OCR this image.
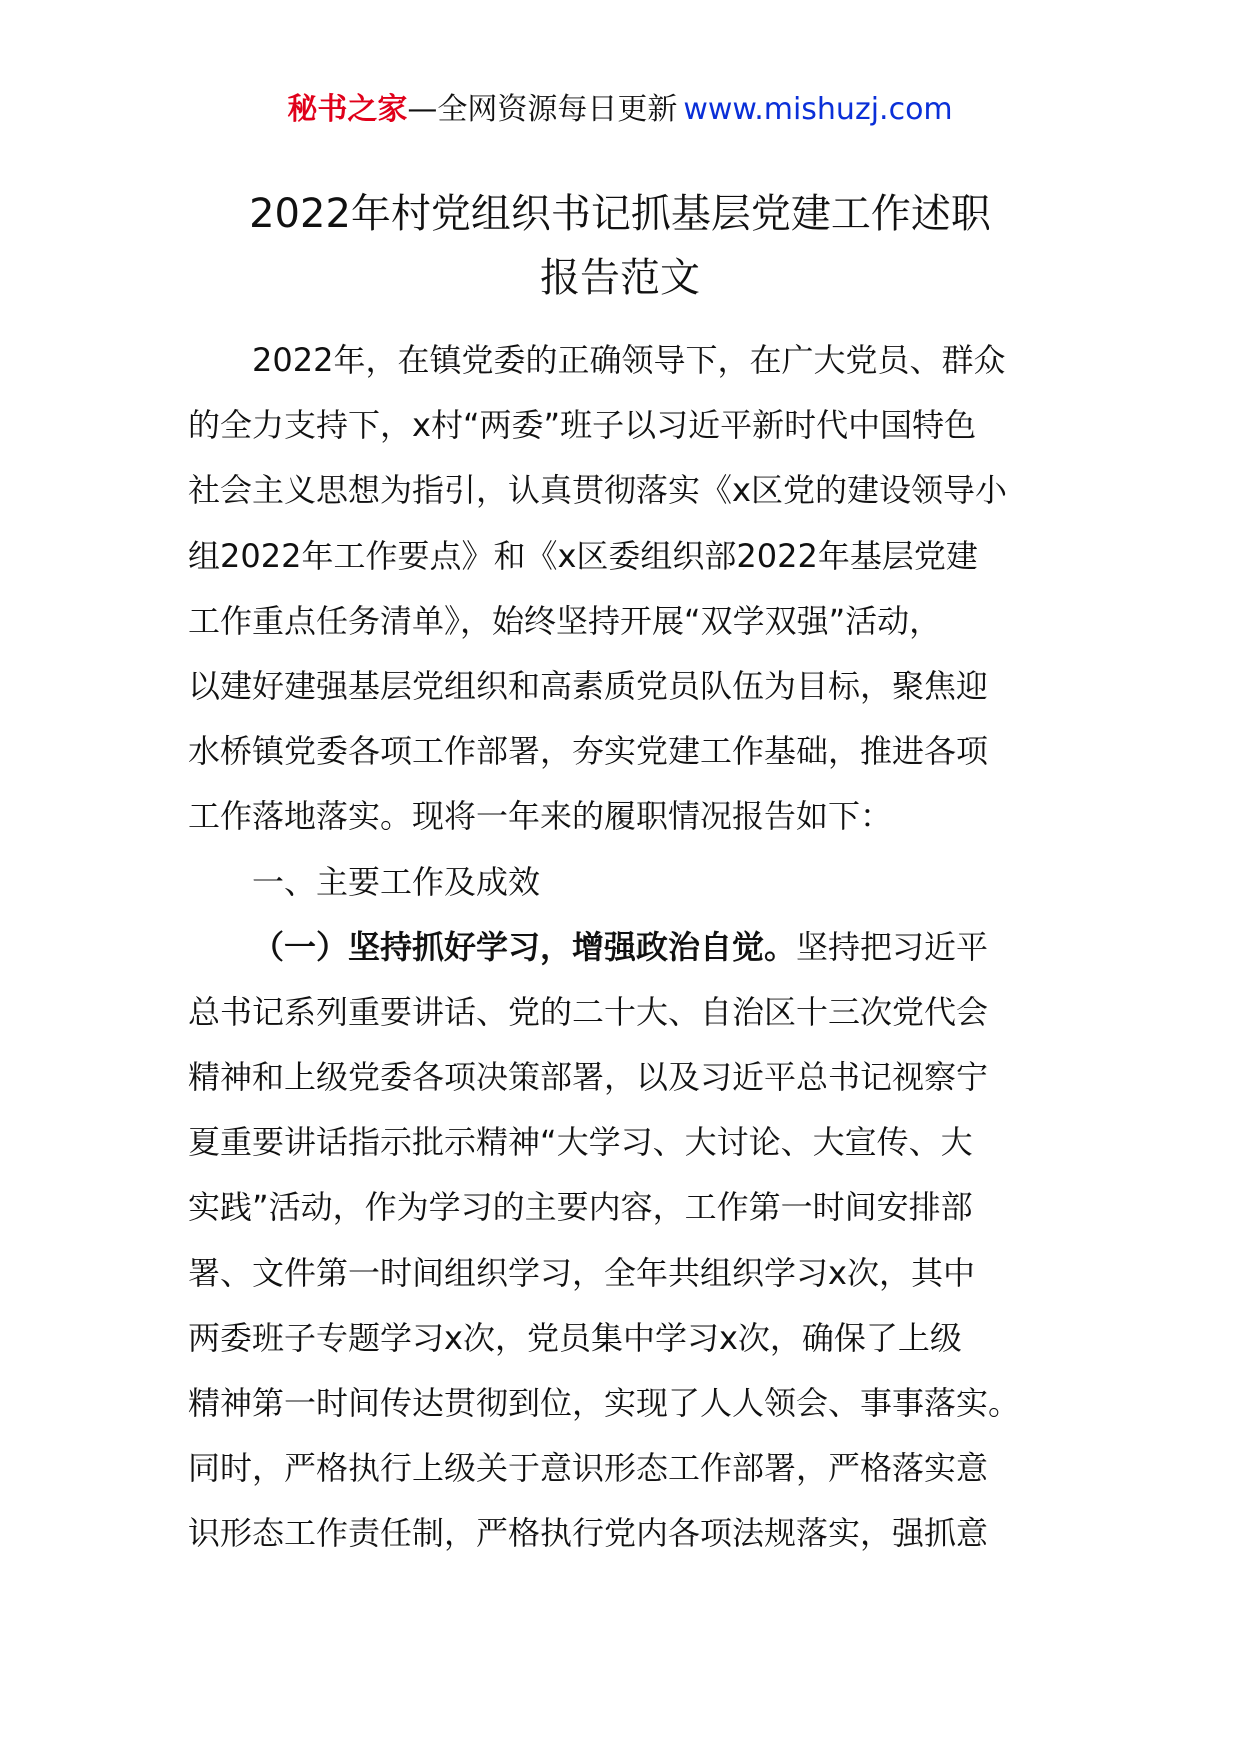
秘书之家—全网资源每日更新 www.mishuzj.com
2022年村党组织书记抓基层党建工作述职
报告范文
2022年，在镇党委的正确领导下，在广大党员、群众
的全力支持下，x村“两委”班子以习近平新时代中国特色
社会主义思想为指引，认真贯彻落实《x区党的建设领导小
组2022年工作要点》和《x区委组织部2022年基层党建
工作重点任务清单》，始终坚持开展“双学双强”活动，
以建好建强基层党组织和高素质党员队伍为目标，聚焦迎
水桥镇党委各项工作部署，夯实党建工作基础，推进各项
工作落地落实。现将一年来的履职情况报告如下：
一、主要工作及成效
（一）坚持抓好学习，增强政治自觉。坚持把习近平
总书记系列重要讲话、党的二十大、自治区十三次党代会
精神和上级党委各项决策部署，以及习近平总书记视察宁
夏重要讲话指示批示精神“大学习、大讨论、大宣传、大
实践”活动，作为学习的主要内容，工作第一时间安排部
署、文件第一时间组织学习，全年共组织学习x次，其中
两委班子专题学习x次，党员集中学习x次，确保了上级
精神第一时间传达贯彻到位，实现了人人领会、事事落实。
同时，严格执行上级关于意识形态工作部署，严格落实意
识形态工作责任制，严格执行党内各项法规落实，强抓意
